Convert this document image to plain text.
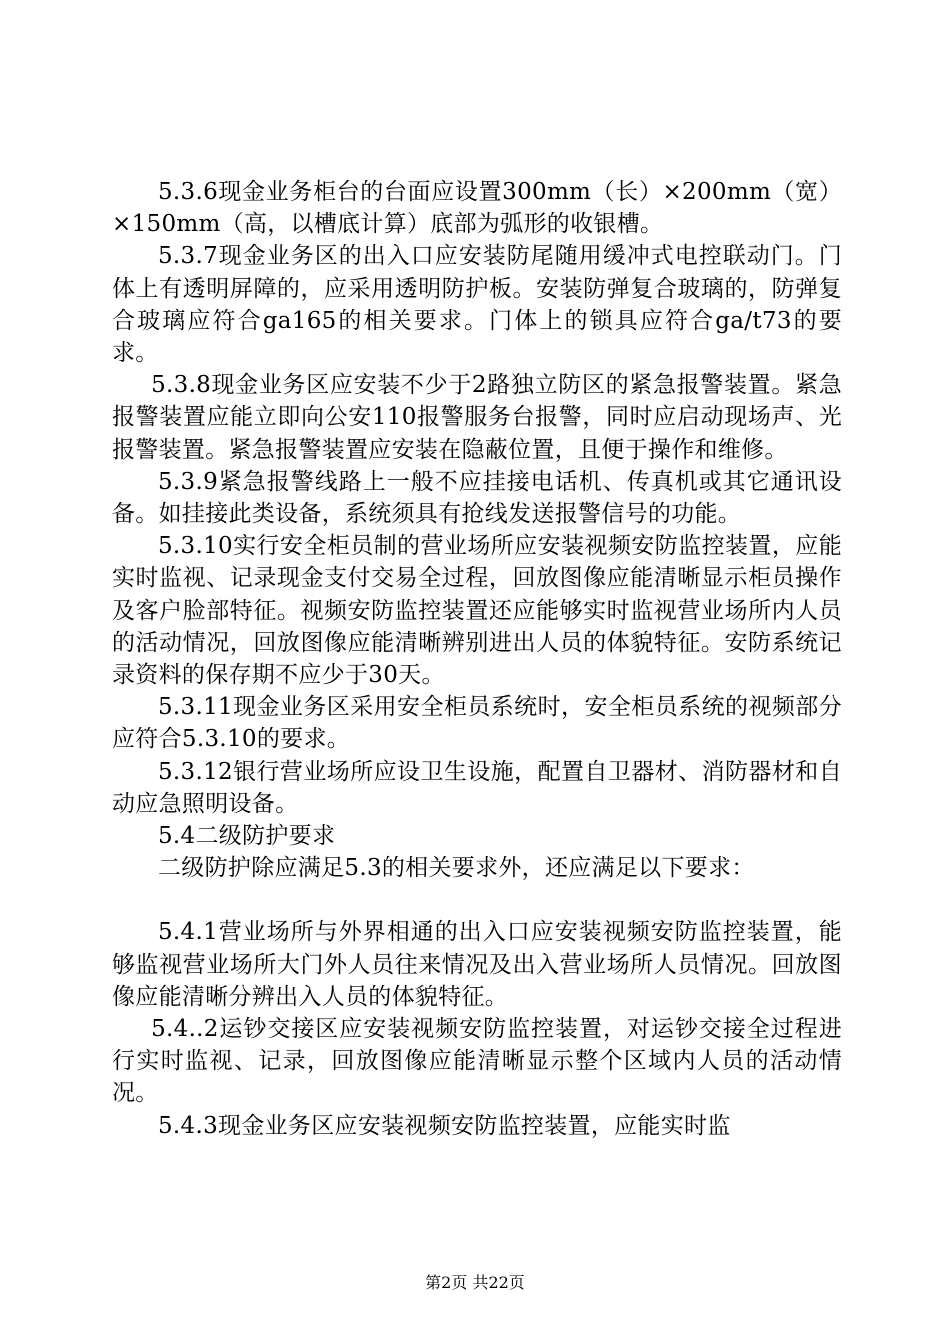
5.3.6现金业务柜台的台面应设置300mm（长）×200mm（宽）×150mm（高，以槽底计算）底部为弧形的收银槽。

5.3.7现金业务区的出入口应安装防尾随用缓冲式电控联动门。门体上有透明屏障的，应采用透明防护板。安装防弹复合玻璃的，防弹复合玻璃应符合ga165的相关要求。门体上的锁具应符合ga/t73的要求。

5.3.8现金业务区应安装不少于2路独立防区的紧急报警装置。紧急报警装置应能立即向公安110报警服务台报警，同时应启动现场声、光报警装置。紧急报警装置应安装在隐蔽位置，且便于操作和维修。

5.3.9紧急报警线路上一般不应挂接电话机、传真机或其它通讯设备。如挂接此类设备，系统须具有抢线发送报警信号的功能。

5.3.10实行安全柜员制的营业场所应安装视频安防监控装置，应能实时监视、记录现金支付交易全过程，回放图像应能清晰显示柜员操作及客户脸部特征。视频安防监控装置还应能够实时监视营业场所内人员的活动情况，回放图像应能清晰辨别进出人员的体貌特征。安防系统记录资料的保存期不应少于30天。

5.3.11现金业务区采用安全柜员系统时，安全柜员系统的视频部分应符合5.3.10的要求。

5.3.12银行营业场所应设卫生设施，配置自卫器材、消防器材和自动应急照明设备。

5.4二级防护要求

二级防护除应满足5.3的相关要求外，还应满足以下要求：

5.4.1营业场所与外界相通的出入口应安装视频安防监控装置，能够监视营业场所大门外人员往来情况及出入营业场所人员情况。回放图像应能清晰分辨出入人员的体貌特征。

5.4..2运钞交接区应安装视频安防监控装置，对运钞交接全过程进行实时监视、记录，回放图像应能清晰显示整个区域内人员的活动情况。

5.4.3现金业务区应安装视频安防监控装置，应能实时监

第2页 共22页
